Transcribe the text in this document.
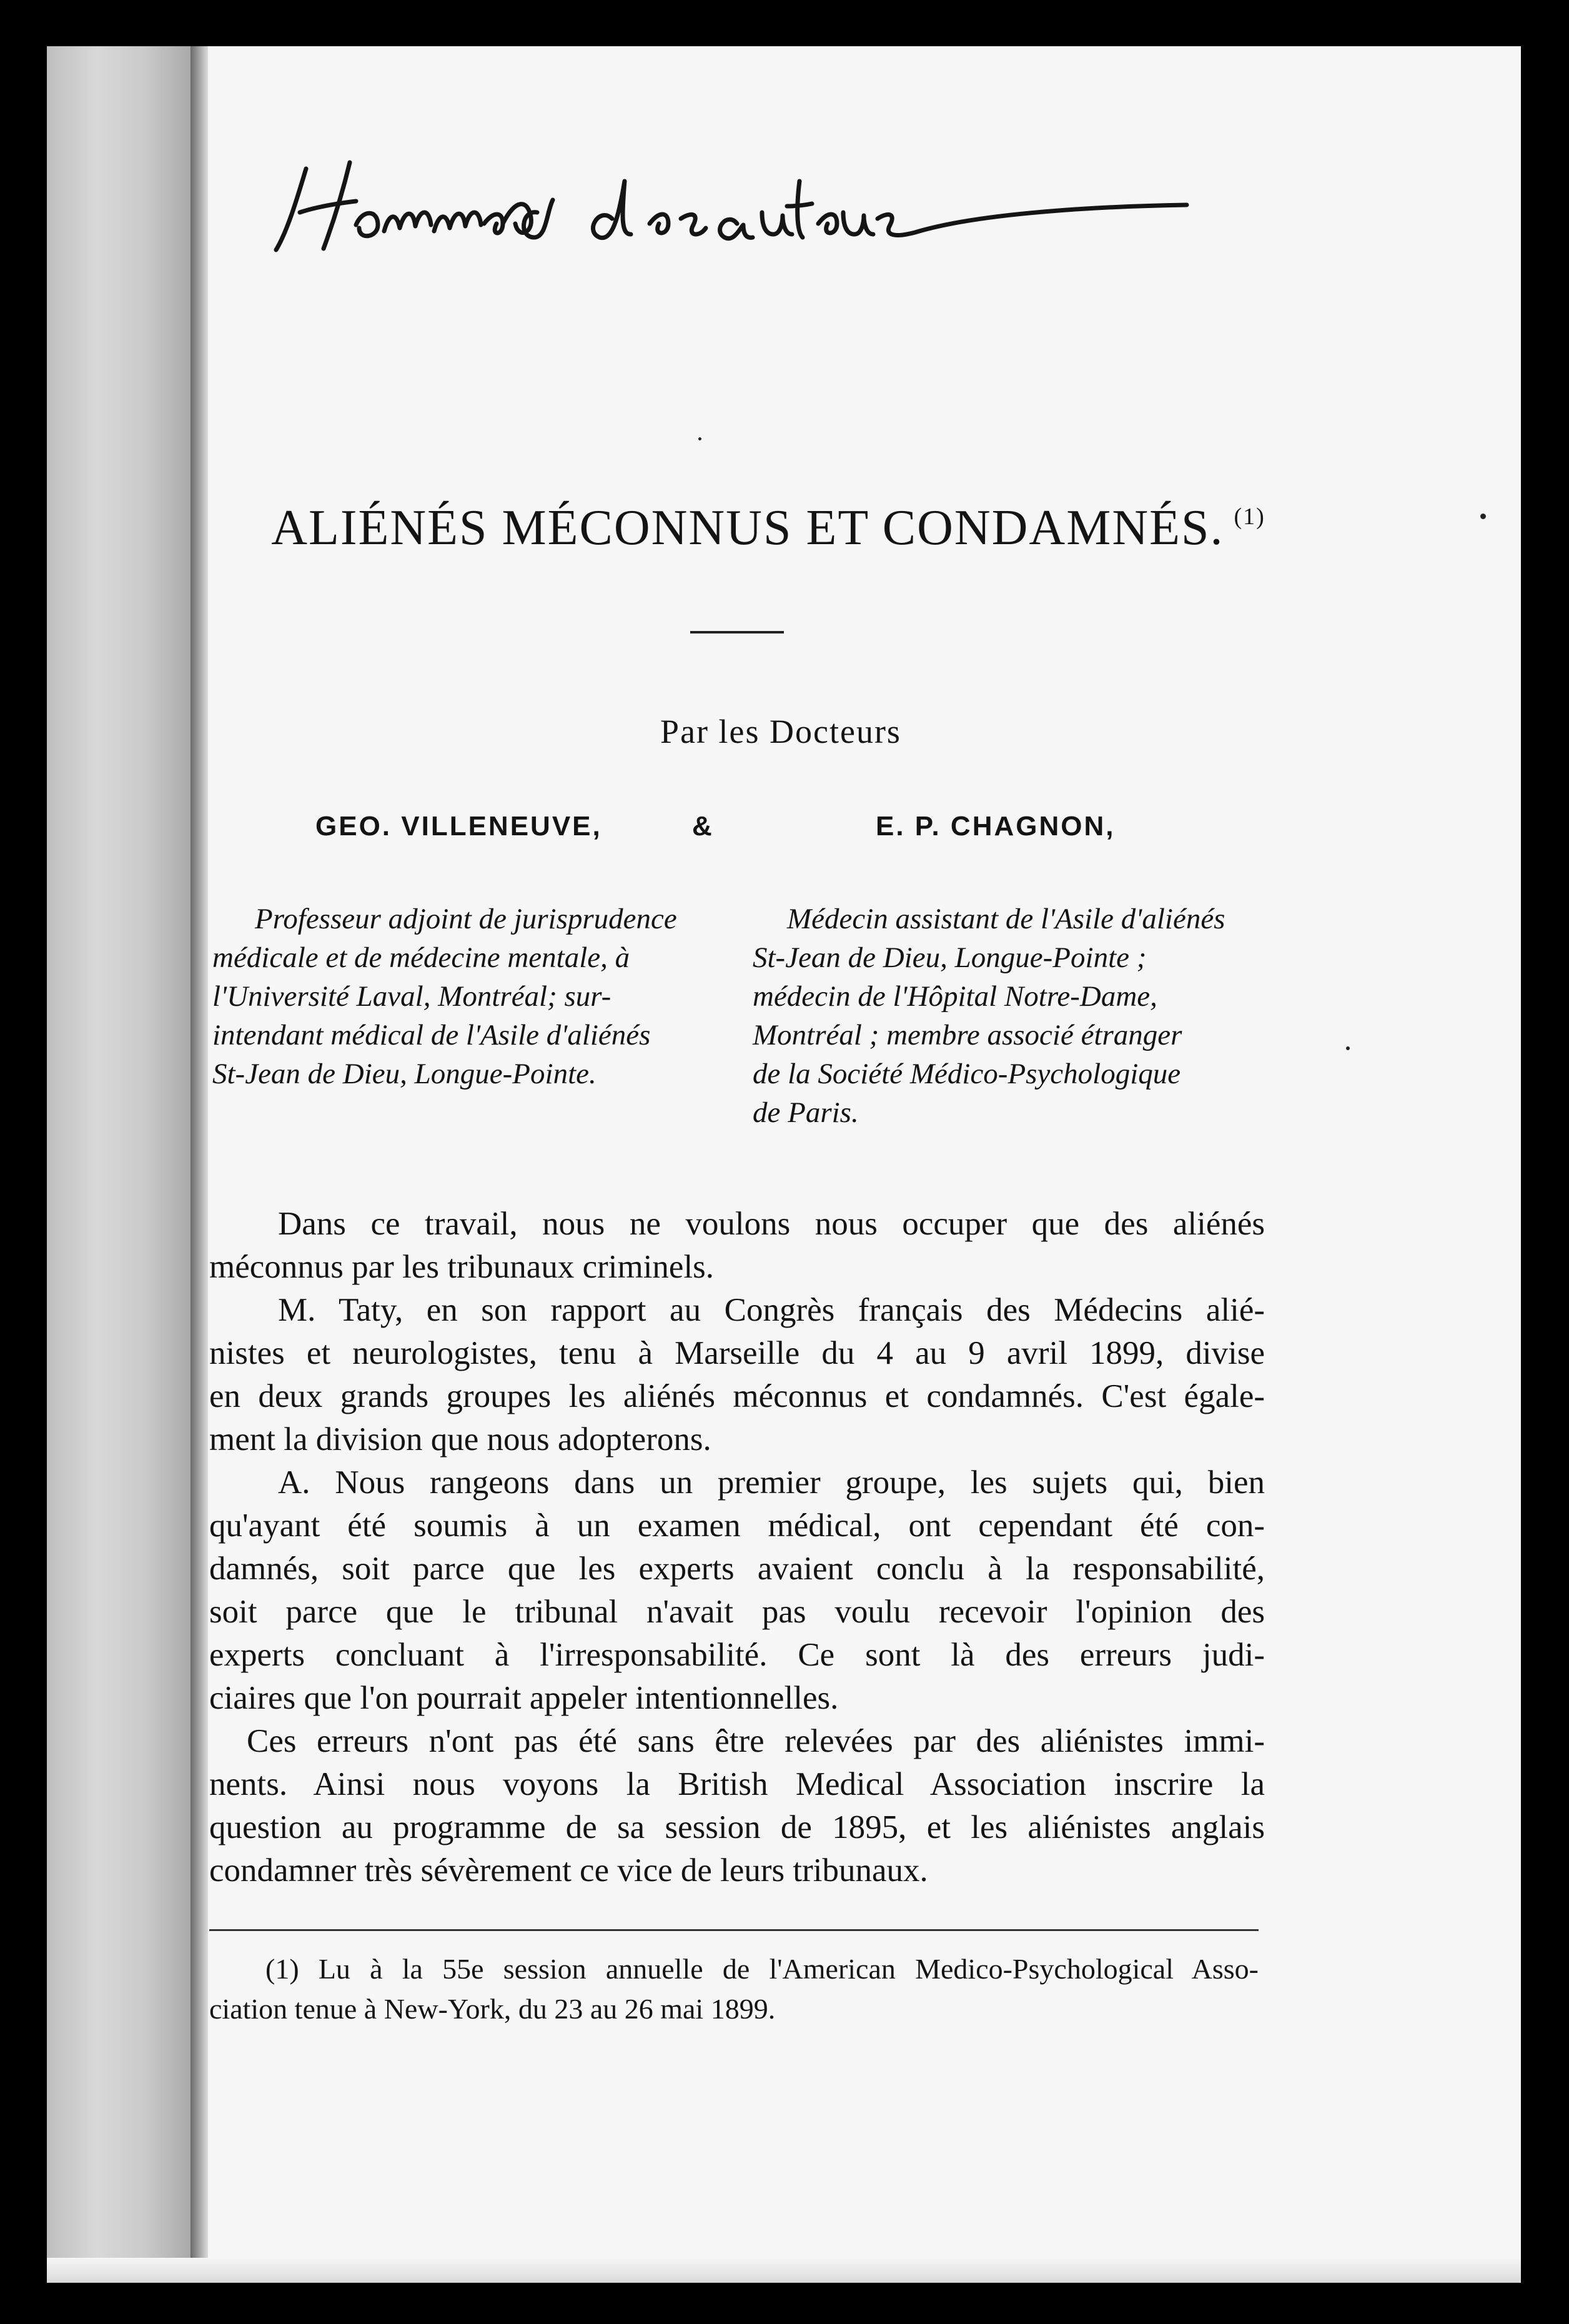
ALIÉNÉS MÉCONNUS ET CONDAMNÉS. $^{(1)}$
Par les Docteurs
GEO. VILLENEUVE,	&	E. P. CHAGNON,
Professeur adjoint de jurisprudence
médicale et de médecine mentale, à
l'Université Laval, Montréal; sur-
intendant médical de l'Asile d'aliénés
St-Jean de Dieu, Longue-Pointe.
Médecin assistant de l'Asile d'aliénés
St-Jean de Dieu, Longue-Pointe ;
médecin de l'Hôpital Notre-Dame,
Montréal ; membre associé étranger
de la Société Médico-Psychologique
de Paris.
Dans ce travail, nous ne voulons nous occuper que des aliénés
méconnus par les tribunaux criminels.
M. Taty, en son rapport au Congrès français des Médecins alié-
nistes et neurologistes, tenu à Marseille du 4 au 9 avril 1899, divise
en deux grands groupes les aliénés méconnus et condamnés. C'est égale-
ment la division que nous adopterons.
A. Nous rangeons dans un premier groupe, les sujets qui, bien
qu'ayant été soumis à un examen médical, ont cependant été con-
damnés, soit parce que les experts avaient conclu à la responsabilité,
soit parce que le tribunal n'avait pas voulu recevoir l'opinion des
experts concluant à l'irresponsabilité. Ce sont là des erreurs judi-
ciaires que l'on pourrait appeler intentionnelles.
Ces erreurs n'ont pas été sans être relevées par des aliénistes immi-
nents. Ainsi nous voyons la British Medical Association inscrire la
question au programme de sa session de 1895, et les aliénistes anglais
condamner très sévèrement ce vice de leurs tribunaux.
(1) Lu à la 55e session annuelle de l'American Medico-Psychological Asso-
ciation tenue à New-York, du 23 au 26 mai 1899.
